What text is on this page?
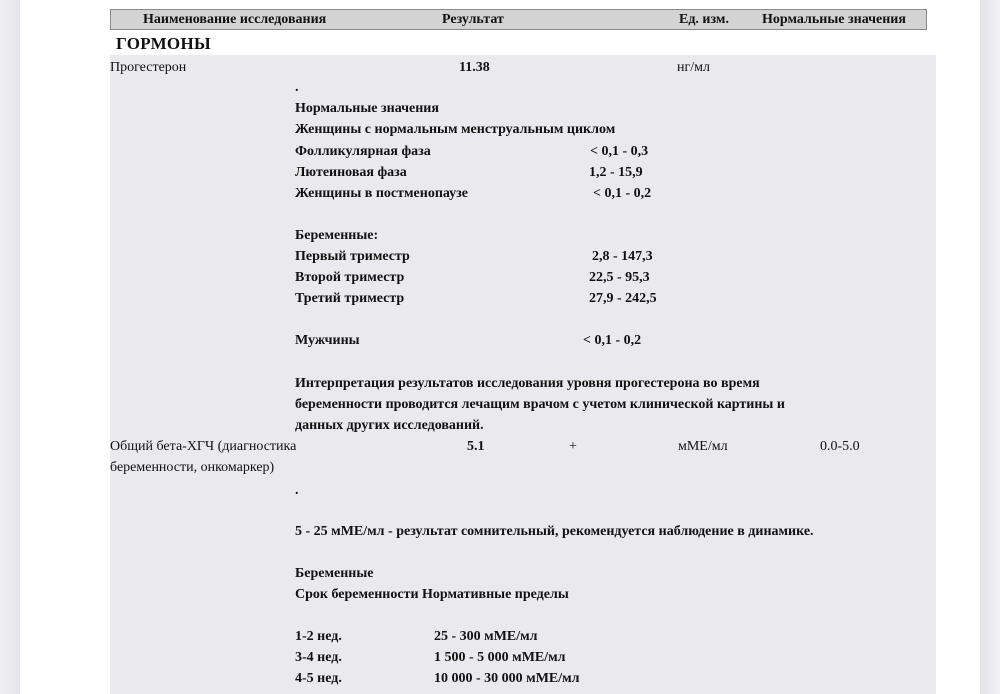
Наименование исследования	Результат	Ед. изм. Нормальные значения
ГОРМОНЫ
Прогестерон	11.38	нг/мл
.
Нормальные значения
Женщины с нормальным менструальным циклом
Фолликулярная фаза	< 0,1 - 0,3
Лютеиновая фаза	1,2 - 15,9
Женщины в постменопаузе	< 0,1 - 0,2
Беременные:
Первый триместр	2,8 - 147,3
Второй триместр	22,5 - 95,3
Третий триместр	27,9 - 242,5
Мужчины	< 0,1 - 0,2
Интерпретация результатов исследования уровня прогестерона во время
беременности проводится лечащим врачом с учетом клинической картины и
данных других исследований.
Общий бета-ХГЧ (диагностика
беременности, онкомаркер)
5.1	+	мМЕ/мл	0.0-5.0
.
5 - 25 мМЕ/мл - результат сомнительный, рекомендуется наблюдение в динамике.
Беременные
Срок беременности Нормативные пределы
1-2 нед.	25 - 300 мМЕ/мл
3-4 нед.	1 500 - 5 000 мМЕ/мл
4-5 нед.	10 000 - 30 000 мМЕ/мл
